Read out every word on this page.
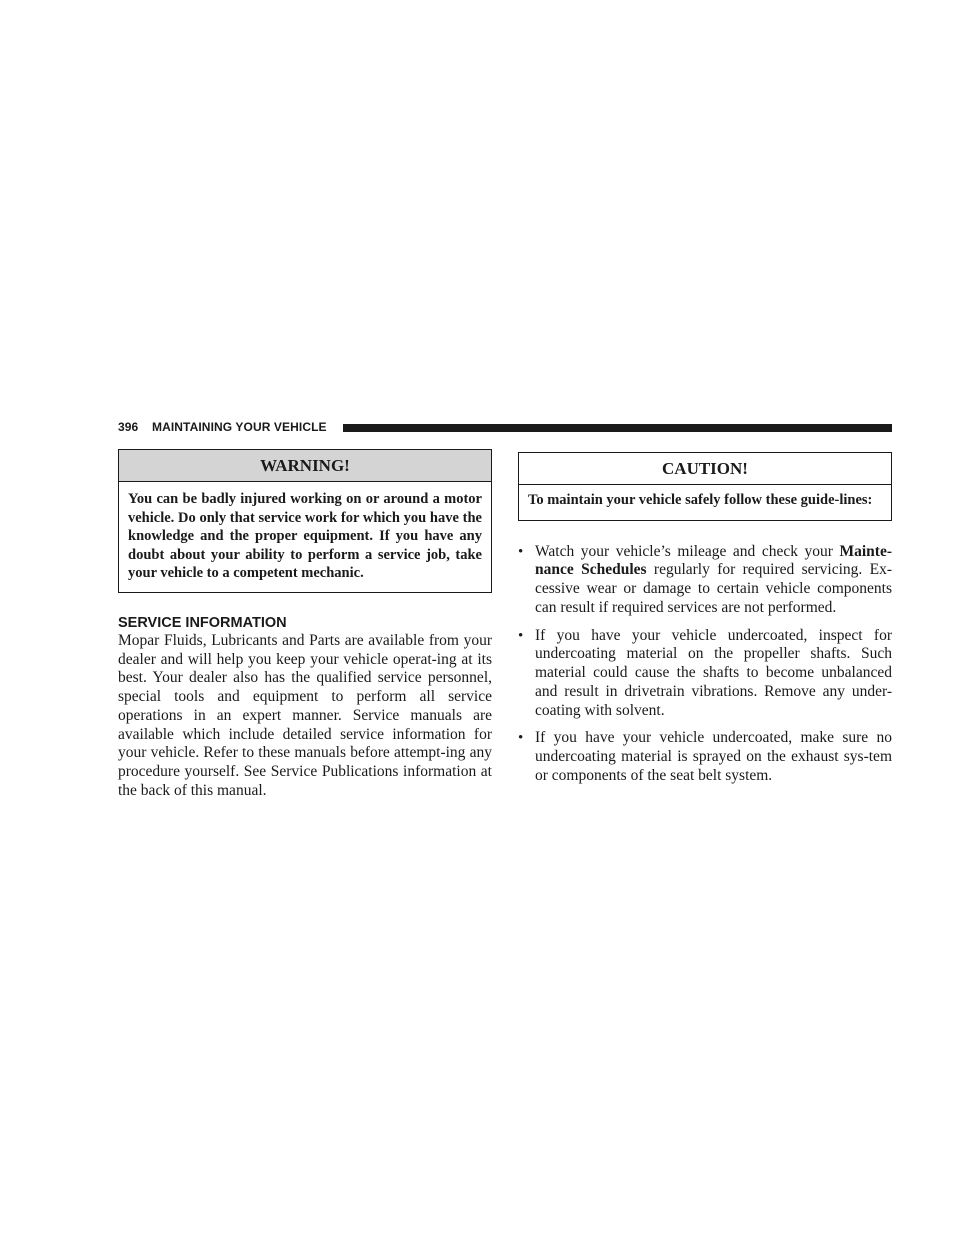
396 MAINTAINING YOUR VEHICLE
WARNING!
You can be badly injured working on or around a motor vehicle. Do only that service work for which you have the knowledge and the proper equipment. If you have any doubt about your ability to perform a service job, take your vehicle to a competent mechanic.
SERVICE INFORMATION
Mopar Fluids, Lubricants and Parts are available from your dealer and will help you keep your vehicle operat-ing at its best. Your dealer also has the qualified service personnel, special tools and equipment to perform all service operations in an expert manner. Service manuals are available which include detailed service information for your vehicle. Refer to these manuals before attempt-ing any procedure yourself. See Service Publications information at the back of this manual.
CAUTION!
To maintain your vehicle safely follow these guide-lines:
• Watch your vehicle’s mileage and check your Mainte-nance Schedules regularly for required servicing. Ex-cessive wear or damage to certain vehicle components can result if required services are not performed.
• If you have your vehicle undercoated, inspect for undercoating material on the propeller shafts. Such material could cause the shafts to become unbalanced and result in drivetrain vibrations. Remove any under-coating with solvent.
• If you have your vehicle undercoated, make sure no undercoating material is sprayed on the exhaust sys-tem or components of the seat belt system.
